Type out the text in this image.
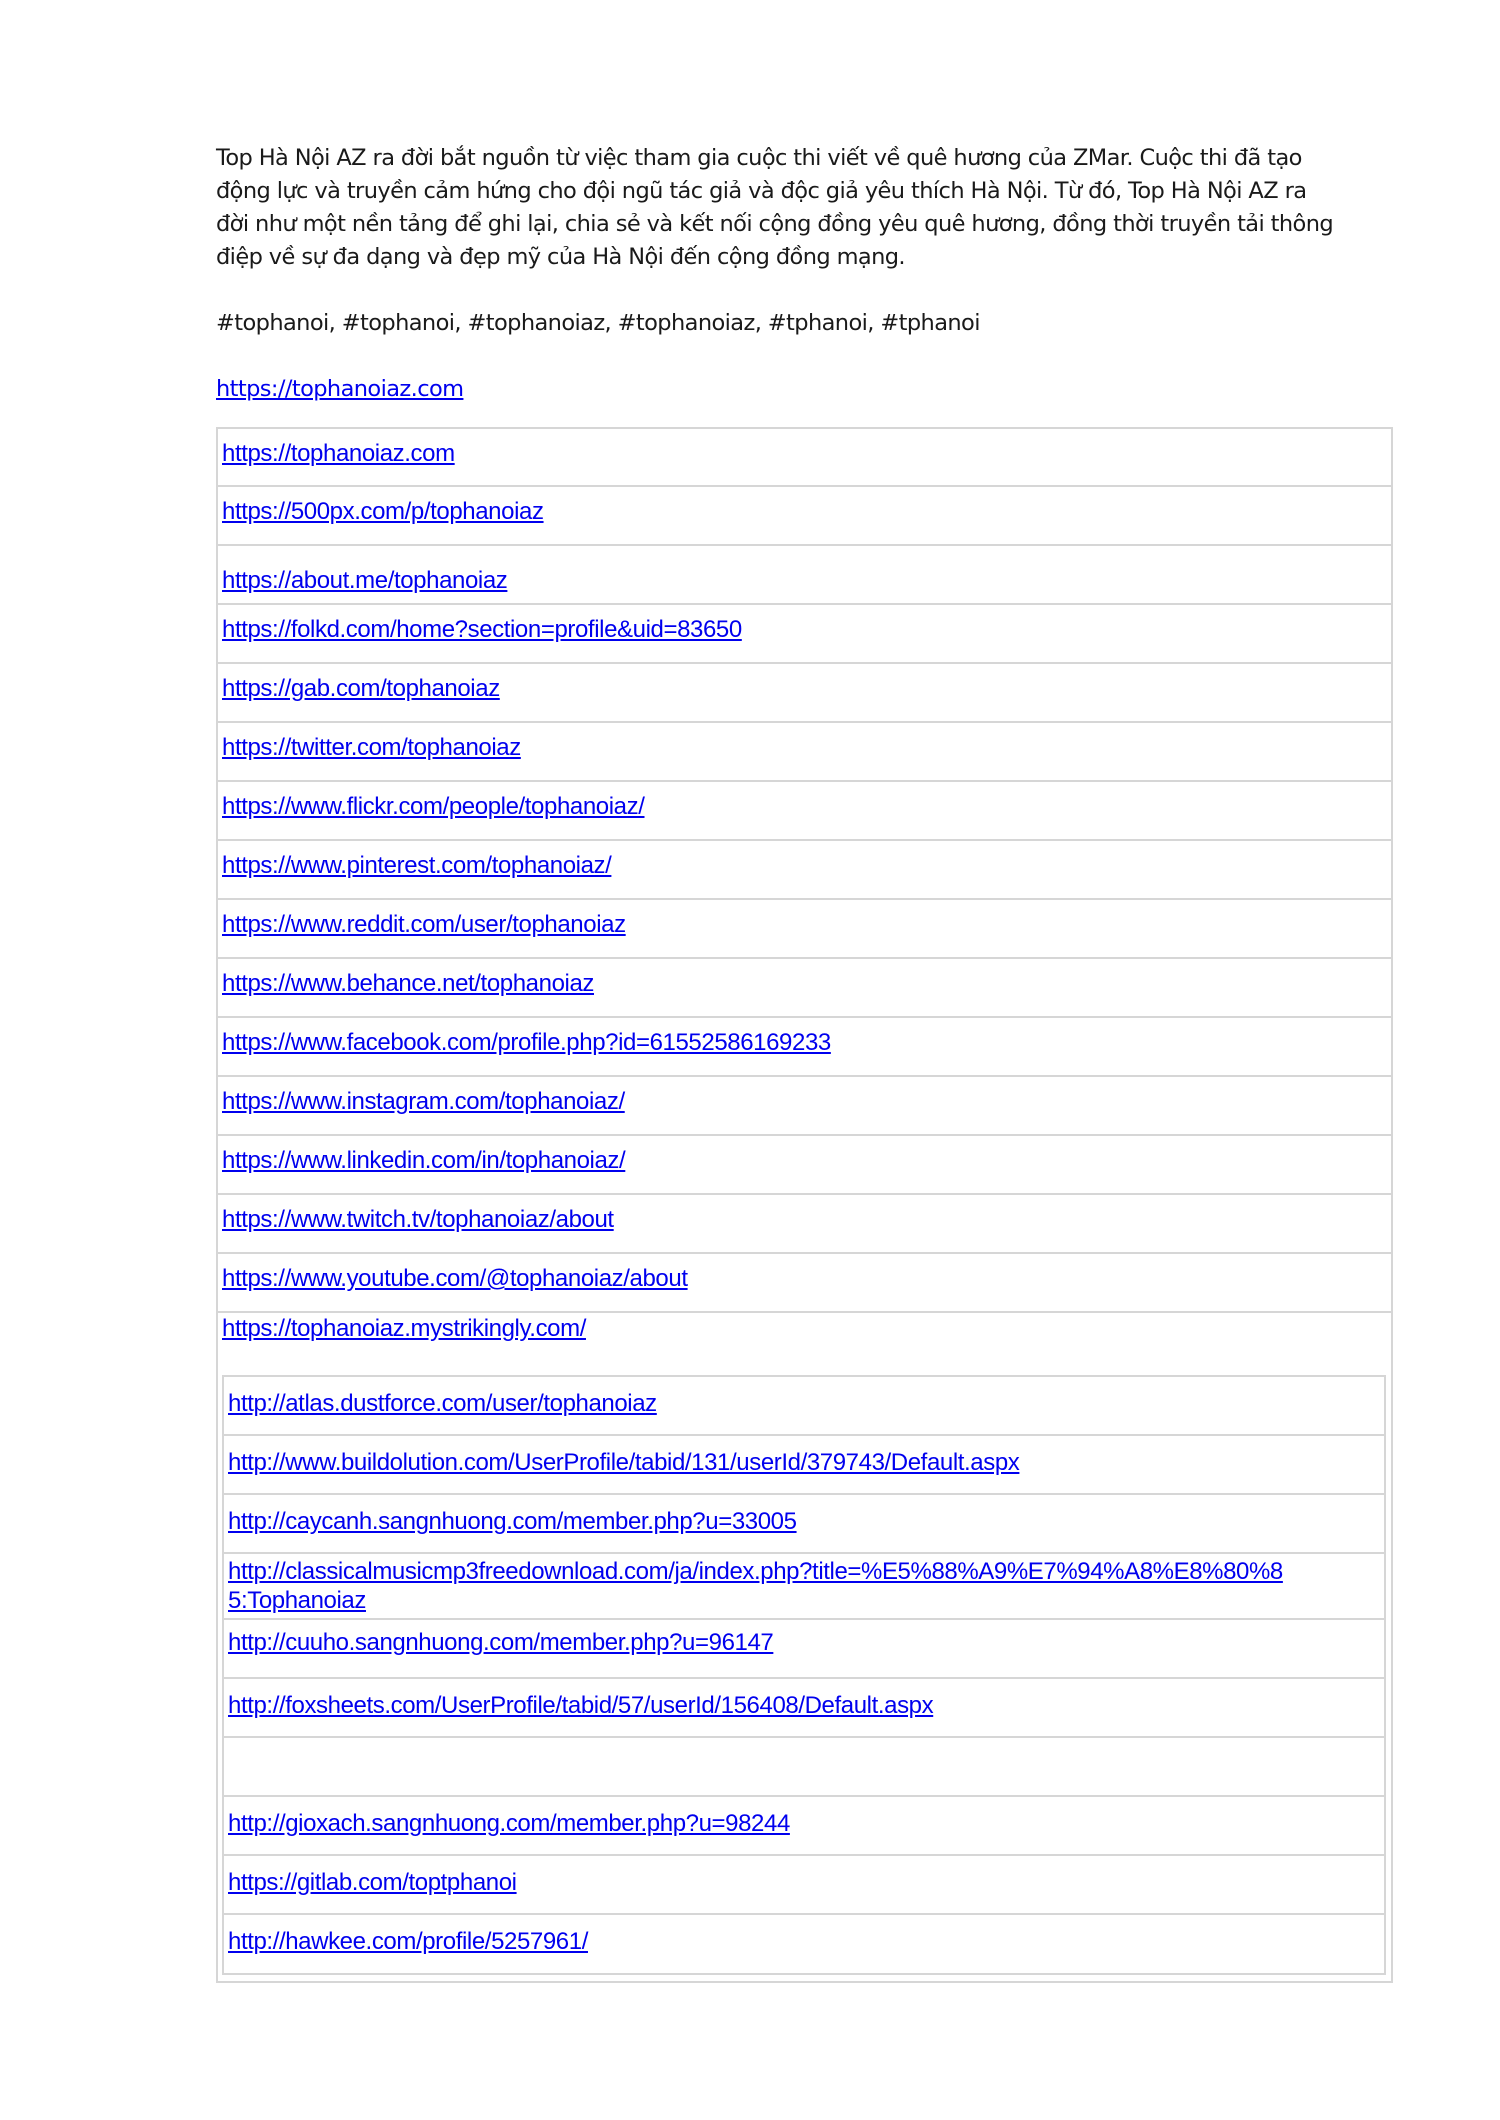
Top Hà Nội AZ ra đời bắt nguồn từ việc tham gia cuộc thi viết về quê hương của ZMar. Cuộc thi đã tạo
động lực và truyền cảm hứng cho đội ngũ tác giả và độc giả yêu thích Hà Nội. Từ đó, Top Hà Nội AZ ra
đời như một nền tảng để ghi lại, chia sẻ và kết nối cộng đồng yêu quê hương, đồng thời truyền tải thông
điệp về sự đa dạng và đẹp mỹ của Hà Nội đến cộng đồng mạng.
#tophanoi, #tophanoi, #tophanoiaz, #tophanoiaz, #tphanoi, #tphanoi
https://tophanoiaz.com
https://tophanoiaz.com
https://500px.com/p/tophanoiaz
https://about.me/tophanoiaz
https://folkd.com/home?section=profile&uid=83650
https://gab.com/tophanoiaz
https://twitter.com/tophanoiaz
https://www.flickr.com/people/tophanoiaz/
https://www.pinterest.com/tophanoiaz/
https://www.reddit.com/user/tophanoiaz
https://www.behance.net/tophanoiaz
https://www.facebook.com/profile.php?id=61552586169233
https://www.instagram.com/tophanoiaz/
https://www.linkedin.com/in/tophanoiaz/
https://www.twitch.tv/tophanoiaz/about
https://www.youtube.com/@tophanoiaz/about
https://tophanoiaz.mystrikingly.com/
http://atlas.dustforce.com/user/tophanoiaz
http://www.buildolution.com/UserProfile/tabid/131/userId/379743/Default.aspx
http://caycanh.sangnhuong.com/member.php?u=33005
http://classicalmusicmp3freedownload.com/ja/index.php?title=%E5%88%A9%E7%94%A8%E8%80%8
5:Tophanoiaz
http://cuuho.sangnhuong.com/member.php?u=96147
http://foxsheets.com/UserProfile/tabid/57/userId/156408/Default.aspx
http://gioxach.sangnhuong.com/member.php?u=98244
https://gitlab.com/toptphanoi
http://hawkee.com/profile/5257961/
